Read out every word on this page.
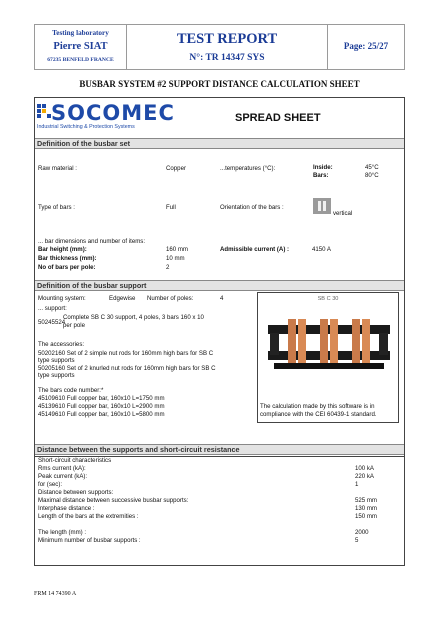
Testing laboratory
Pierre SIAT
67235 BENFELD FRANCE
TEST REPORT
N°: TR 14347 SYS
Page: 25/27
BUSBAR SYSTEM #2 SUPPORT DISTANCE CALCULATION SHEET
SOCOMEC
Industrial Switching & Protection Systems
SPREAD SHEET
Definition of the busbar set
Raw material :	Copper	...temperatures (°C):	Inside:	45°C
Bars:	80°C
Type of bars :	Full	Orientation of the bars :
vertical
... bar dimensions and number of items:
Bar height (mm):	160 mm	Admissible current (A) :	4150 A
Bar thickness (mm):	10 mm
No of bars per pole:	2
Definition of the busbar support
Mounting system:	Edgewise Number of poles:	4
... support:
50245524
Complete SB C 30 support, 4 poles, 3 bars 160 x 10
per pole
The accessories:
50202160 Set of 2 simple nut rods for 160mm high bars for SB C
type supports
50205160 Set of 2 knurled nut rods for 160mm high bars for SB C
type supports
The bars code number:*
45109610 Full copper bar, 160x10 L=1750 mm
45139610 Full copper bar, 160x10 L=2900 mm
45149610 Full copper bar, 160x10 L=5800 mm
SB C 30
The calculation made by this software is in
compliance with the CEI 60439-1 standard.
Distance between the supports and short-circuit resistance
Short-circuit characteristics
Rms current (kA):	100 kA
Peak current (kA):	220 kA
for (sec):	1
Distance between supports:
Maximal distance between successive busbar supports:	525 mm
Interphase distance :	130 mm
Length of the bars at the extremities :	150 mm
The length (mm) :	2000
Minimum number of busbar supports :	5
FRM 14 74390 A
